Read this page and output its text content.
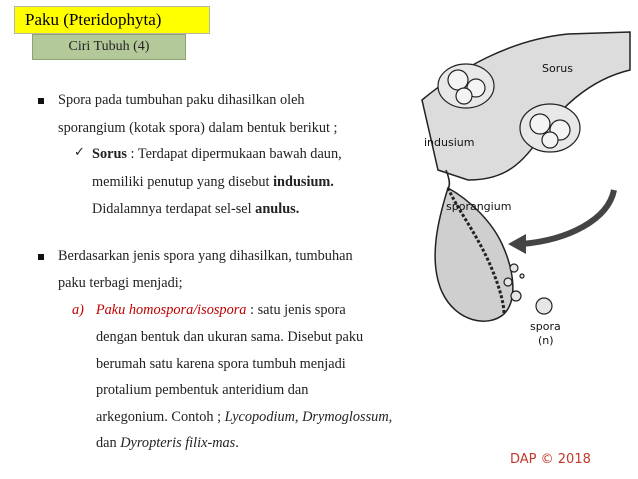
Paku (Pteridophyta)
Ciri Tubuh (4)
Spora pada tumbuhan paku dihasilkan oleh
sporangium (kotak spora) dalam bentuk berikut ;
✓ Sorus : Terdapat dipermukaan bawah daun,
memiliki penutup yang disebut indusium.
Didalamnya terdapat sel-sel anulus.
Berdasarkan jenis spora yang dihasilkan, tumbuhan
paku terbagi menjadi;
a) Paku homospora/isospora : satu jenis spora
dengan bentuk dan ukuran sama. Disebut paku
berumah satu karena spora tumbuh menjadi
protalium pembentuk anteridium dan
arkegonium. Contoh ; Lycopodium, Drymoglossum,
dan Dyropteris filix-mas.
Sorus
indusium
sporangium
spora
(n)
DAP © 2018
